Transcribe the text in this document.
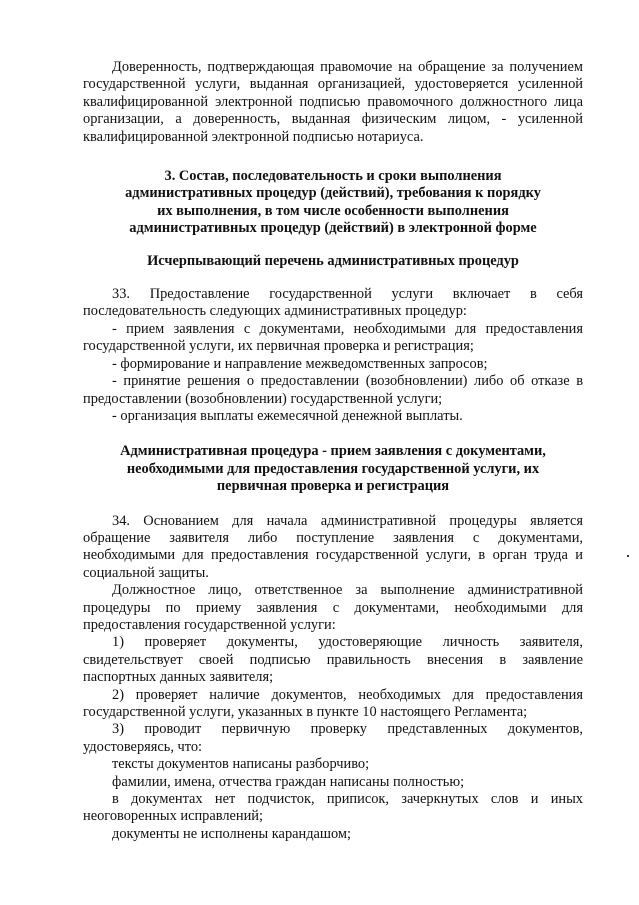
Доверенность, подтверждающая правомочие на обращение за получением государственной услуги, выданная организацией, удостоверяется усиленной квалифицированной электронной подписью правомочного должностного лица организации, а доверенность, выданная физическим лицом, - усиленной квалифицированной электронной подписью нотариуса.

3. Состав, последовательность и сроки выполнения
административных процедур (действий), требования к порядку
их выполнения, в том числе особенности выполнения
административных процедур (действий) в электронной форме
Исчерпывающий перечень административных процедур

33. Предоставление государственной услуги включает в себя последовательность следующих административных процедур:

- прием заявления с документами, необходимыми для предоставления государственной услуги, их первичная проверка и регистрация;

- формирование и направление межведомственных запросов;

- принятие решения о предоставлении (возобновлении) либо об отказе в предоставлении (возобновлении) государственной услуги;

- организация выплаты ежемесячной денежной выплаты.

Административная процедура - прием заявления с документами,
необходимыми для предоставления государственной услуги, их
первичная проверка и регистрация

34. Основанием для начала административной процедуры является обращение заявителя либо поступление заявления с документами, необходимыми для предоставления государственной услуги, в орган труда и социальной защиты.

Должностное лицо, ответственное за выполнение административной процедуры по приему заявления с документами, необходимыми для предоставления государственной услуги:

1) проверяет документы, удостоверяющие личность заявителя, свидетельствует своей подписью правильность внесения в заявление паспортных данных заявителя;

2) проверяет наличие документов, необходимых для предоставления государственной услуги, указанных в пункте 10 настоящего Регламента;

3) проводит первичную проверку представленных документов, удостоверяясь, что:

тексты документов написаны разборчиво;

фамилии, имена, отчества граждан написаны полностью;

в документах нет подчисток, приписок, зачеркнутых слов и иных неоговоренных исправлений;

документы не исполнены карандашом;
